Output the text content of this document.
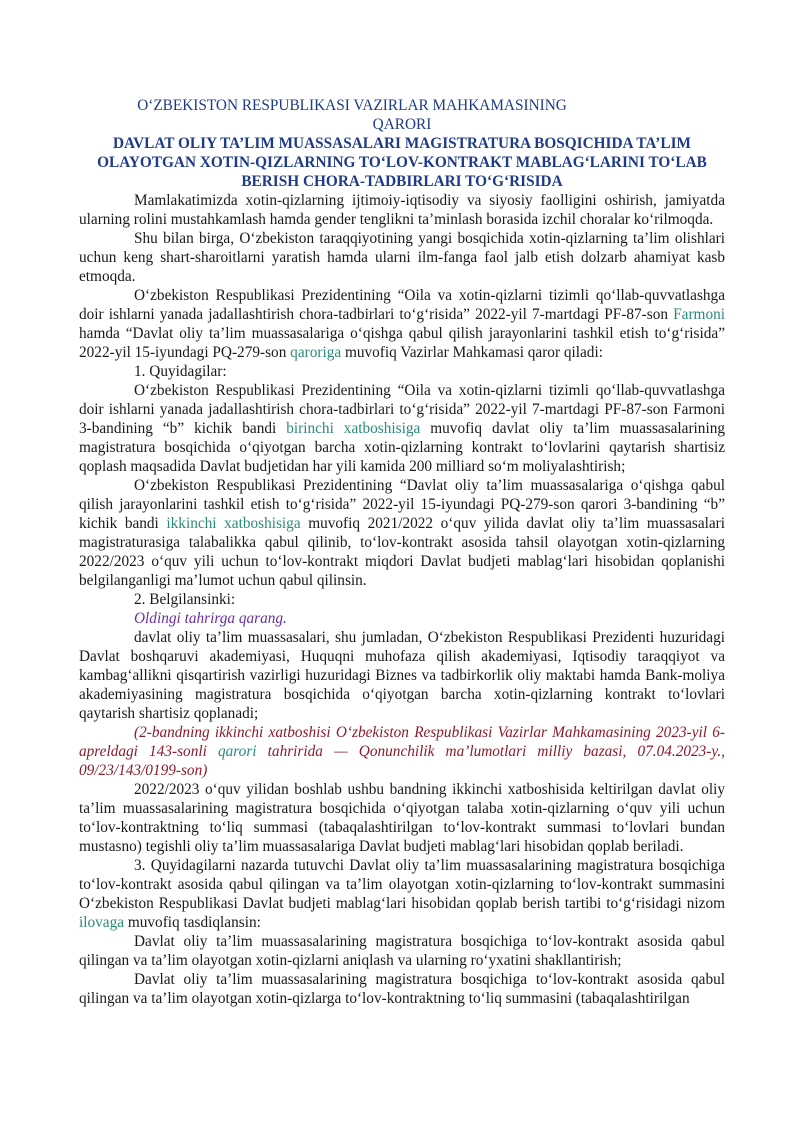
O‘ZBEKISTON RESPUBLIKASI VAZIRLAR MAHKAMASINING

QARORI

DAVLAT OLIY TA’LIM MUASSASALARI MAGISTRATURA BOSQICHIDA TA’LIM OLAYOTGAN XOTIN-QIZLARNING TO‘LOV-KONTRAKT MABLAG‘LARINI TO‘LAB BERISH CHORA-TADBIRLARI TO‘G‘RISIDA

Mamlakatimizda xotin-qizlarning ijtimoiy-iqtisodiy va siyosiy faolligini oshirish, jamiyatda ularning rolini mustahkamlash hamda gender tenglikni ta’minlash borasida izchil choralar ko‘rilmoqda.

Shu bilan birga, O‘zbekiston taraqqiyotining yangi bosqichida xotin-qizlarning ta’lim olishlari uchun keng shart-sharoitlarni yaratish hamda ularni ilm-fanga faol jalb etish dolzarb ahamiyat kasb etmoqda.

O‘zbekiston Respublikasi Prezidentining “Oila va xotin-qizlarni tizimli qo‘llab-quvvatlashga doir ishlarni yanada jadallashtirish chora-tadbirlari to‘g‘risida” 2022-yil 7-martdagi PF-87-son Farmoni hamda “Davlat oliy ta’lim muassasalariga o‘qishga qabul qilish jarayonlarini tashkil etish to‘g‘risida” 2022-yil 15-iyundagi PQ-279-son qaroriga muvofiq Vazirlar Mahkamasi qaror qiladi:

1. Quyidagilar:

O‘zbekiston Respublikasi Prezidentining “Oila va xotin-qizlarni tizimli qo‘llab-quvvatlashga doir ishlarni yanada jadallashtirish chora-tadbirlari to‘g‘risida” 2022-yil 7-martdagi PF-87-son Farmoni 3-bandining “b” kichik bandi birinchi xatboshisiga muvofiq davlat oliy ta’lim muassasalarining magistratura bosqichida o‘qiyotgan barcha xotin-qizlarning kontrakt to‘lovlarini qaytarish shartisiz qoplash maqsadida Davlat budjetidan har yili kamida 200 milliard so‘m moliyalashtirish;

O‘zbekiston Respublikasi Prezidentining “Davlat oliy ta’lim muassasalariga o‘qishga qabul qilish jarayonlarini tashkil etish to‘g‘risida” 2022-yil 15-iyundagi PQ-279-son qarori 3-bandining “b” kichik bandi ikkinchi xatboshisiga muvofiq 2021/2022 o‘quv yilida davlat oliy ta’lim muassasalari magistraturasiga talabalikka qabul qilinib, to‘lov-kontrakt asosida tahsil olayotgan xotin-qizlarning 2022/2023 o‘quv yili uchun to‘lov-kontrakt miqdori Davlat budjeti mablag‘lari hisobidan qoplanishi belgilanganligi ma’lumot uchun qabul qilinsin.

2. Belgilansinki:

Oldingi tahrirga qarang.

davlat oliy ta’lim muassasalari, shu jumladan, O‘zbekiston Respublikasi Prezidenti huzuridagi Davlat boshqaruvi akademiyasi, Huquqni muhofaza qilish akademiyasi, Iqtisodiy taraqqiyot va kambag‘allikni qisqartirish vazirligi huzuridagi Biznes va tadbirkorlik oliy maktabi hamda Bank-moliya akademiyasining magistratura bosqichida o‘qiyotgan barcha xotin-qizlarning kontrakt to‘lovlari qaytarish shartisiz qoplanadi;

(2-bandning ikkinchi xatboshisi O‘zbekiston Respublikasi Vazirlar Mahkamasining 2023-yil 6-apreldagi 143-sonli qarori tahririda — Qonunchilik ma’lumotlari milliy bazasi, 07.04.2023-y., 09/23/143/0199-son)

2022/2023 o‘quv yilidan boshlab ushbu bandning ikkinchi xatboshisida keltirilgan davlat oliy ta’lim muassasalarining magistratura bosqichida o‘qiyotgan talaba xotin-qizlarning o‘quv yili uchun to‘lov-kontraktning to‘liq summasi (tabaqalashtirilgan to‘lov-kontrakt summasi to‘lovlari bundan mustasno) tegishli oliy ta’lim muassasalariga Davlat budjeti mablag‘lari hisobidan qoplab beriladi.

3. Quyidagilarni nazarda tutuvchi Davlat oliy ta’lim muassasalarining magistratura bosqichiga to‘lov-kontrakt asosida qabul qilingan va ta’lim olayotgan xotin-qizlarning to‘lov-kontrakt summasini O‘zbekiston Respublikasi Davlat budjeti mablag‘lari hisobidan qoplab berish tartibi to‘g‘risidagi nizom ilovaga muvofiq tasdiqlansin:

Davlat oliy ta’lim muassasalarining magistratura bosqichiga to‘lov-kontrakt asosida qabul qilingan va ta’lim olayotgan xotin-qizlarni aniqlash va ularning ro‘yxatini shakllantirish;

Davlat oliy ta’lim muassasalarining magistratura bosqichiga to‘lov-kontrakt asosida qabul qilingan va ta’lim olayotgan xotin-qizlarga to‘lov-kontraktning to‘liq summasini (tabaqalashtirilgan
